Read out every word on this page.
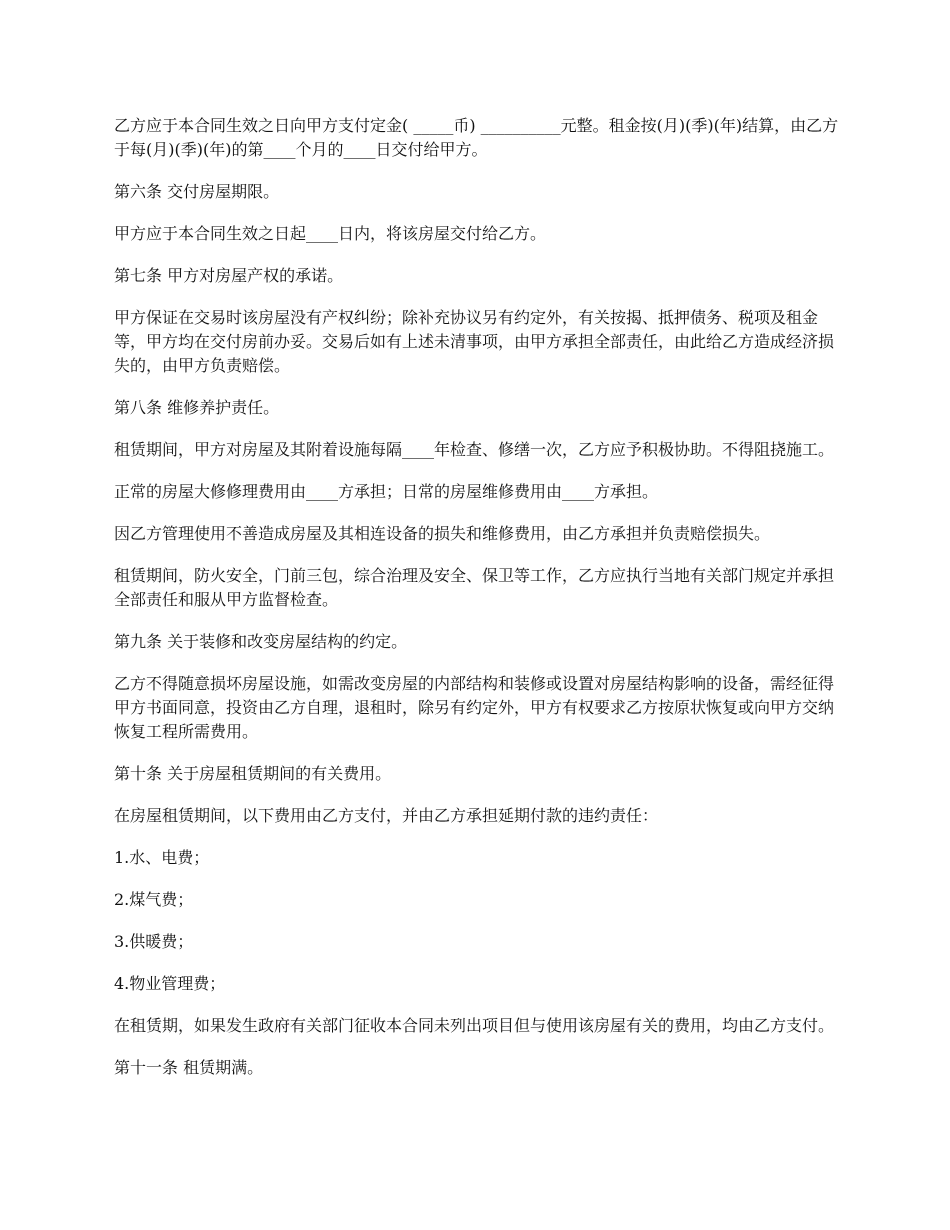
乙方应于本合同生效之日向甲方支付定金( _____币) __________元整。租金按(月)(季)(年)结算，由乙方于每(月)(季)(年)的第____个月的____日交付给甲方。

第六条 交付房屋期限。

甲方应于本合同生效之日起____日内，将该房屋交付给乙方。

第七条 甲方对房屋产权的承诺。

甲方保证在交易时该房屋没有产权纠纷；除补充协议另有约定外，有关按揭、抵押债务、税项及租金等，甲方均在交付房前办妥。交易后如有上述未清事项，由甲方承担全部责任，由此给乙方造成经济损失的，由甲方负责赔偿。

第八条 维修养护责任。

租赁期间，甲方对房屋及其附着设施每隔____年检查、修缮一次，乙方应予积极协助。不得阻挠施工。

正常的房屋大修修理费用由____方承担；日常的房屋维修费用由____方承担。

因乙方管理使用不善造成房屋及其相连设备的损失和维修费用，由乙方承担并负责赔偿损失。

租赁期间，防火安全，门前三包，综合治理及安全、保卫等工作，乙方应执行当地有关部门规定并承担全部责任和服从甲方监督检查。

第九条 关于装修和改变房屋结构的约定。

乙方不得随意损坏房屋设施，如需改变房屋的内部结构和装修或设置对房屋结构影响的设备，需经征得甲方书面同意，投资由乙方自理，退租时，除另有约定外，甲方有权要求乙方按原状恢复或向甲方交纳恢复工程所需费用。

第十条 关于房屋租赁期间的有关费用。

在房屋租赁期间，以下费用由乙方支付，并由乙方承担延期付款的违约责任：

1.水、电费；

2.煤气费；

3.供暖费；

4.物业管理费；

在租赁期，如果发生政府有关部门征收本合同未列出项目但与使用该房屋有关的费用，均由乙方支付。

第十一条 租赁期满。
